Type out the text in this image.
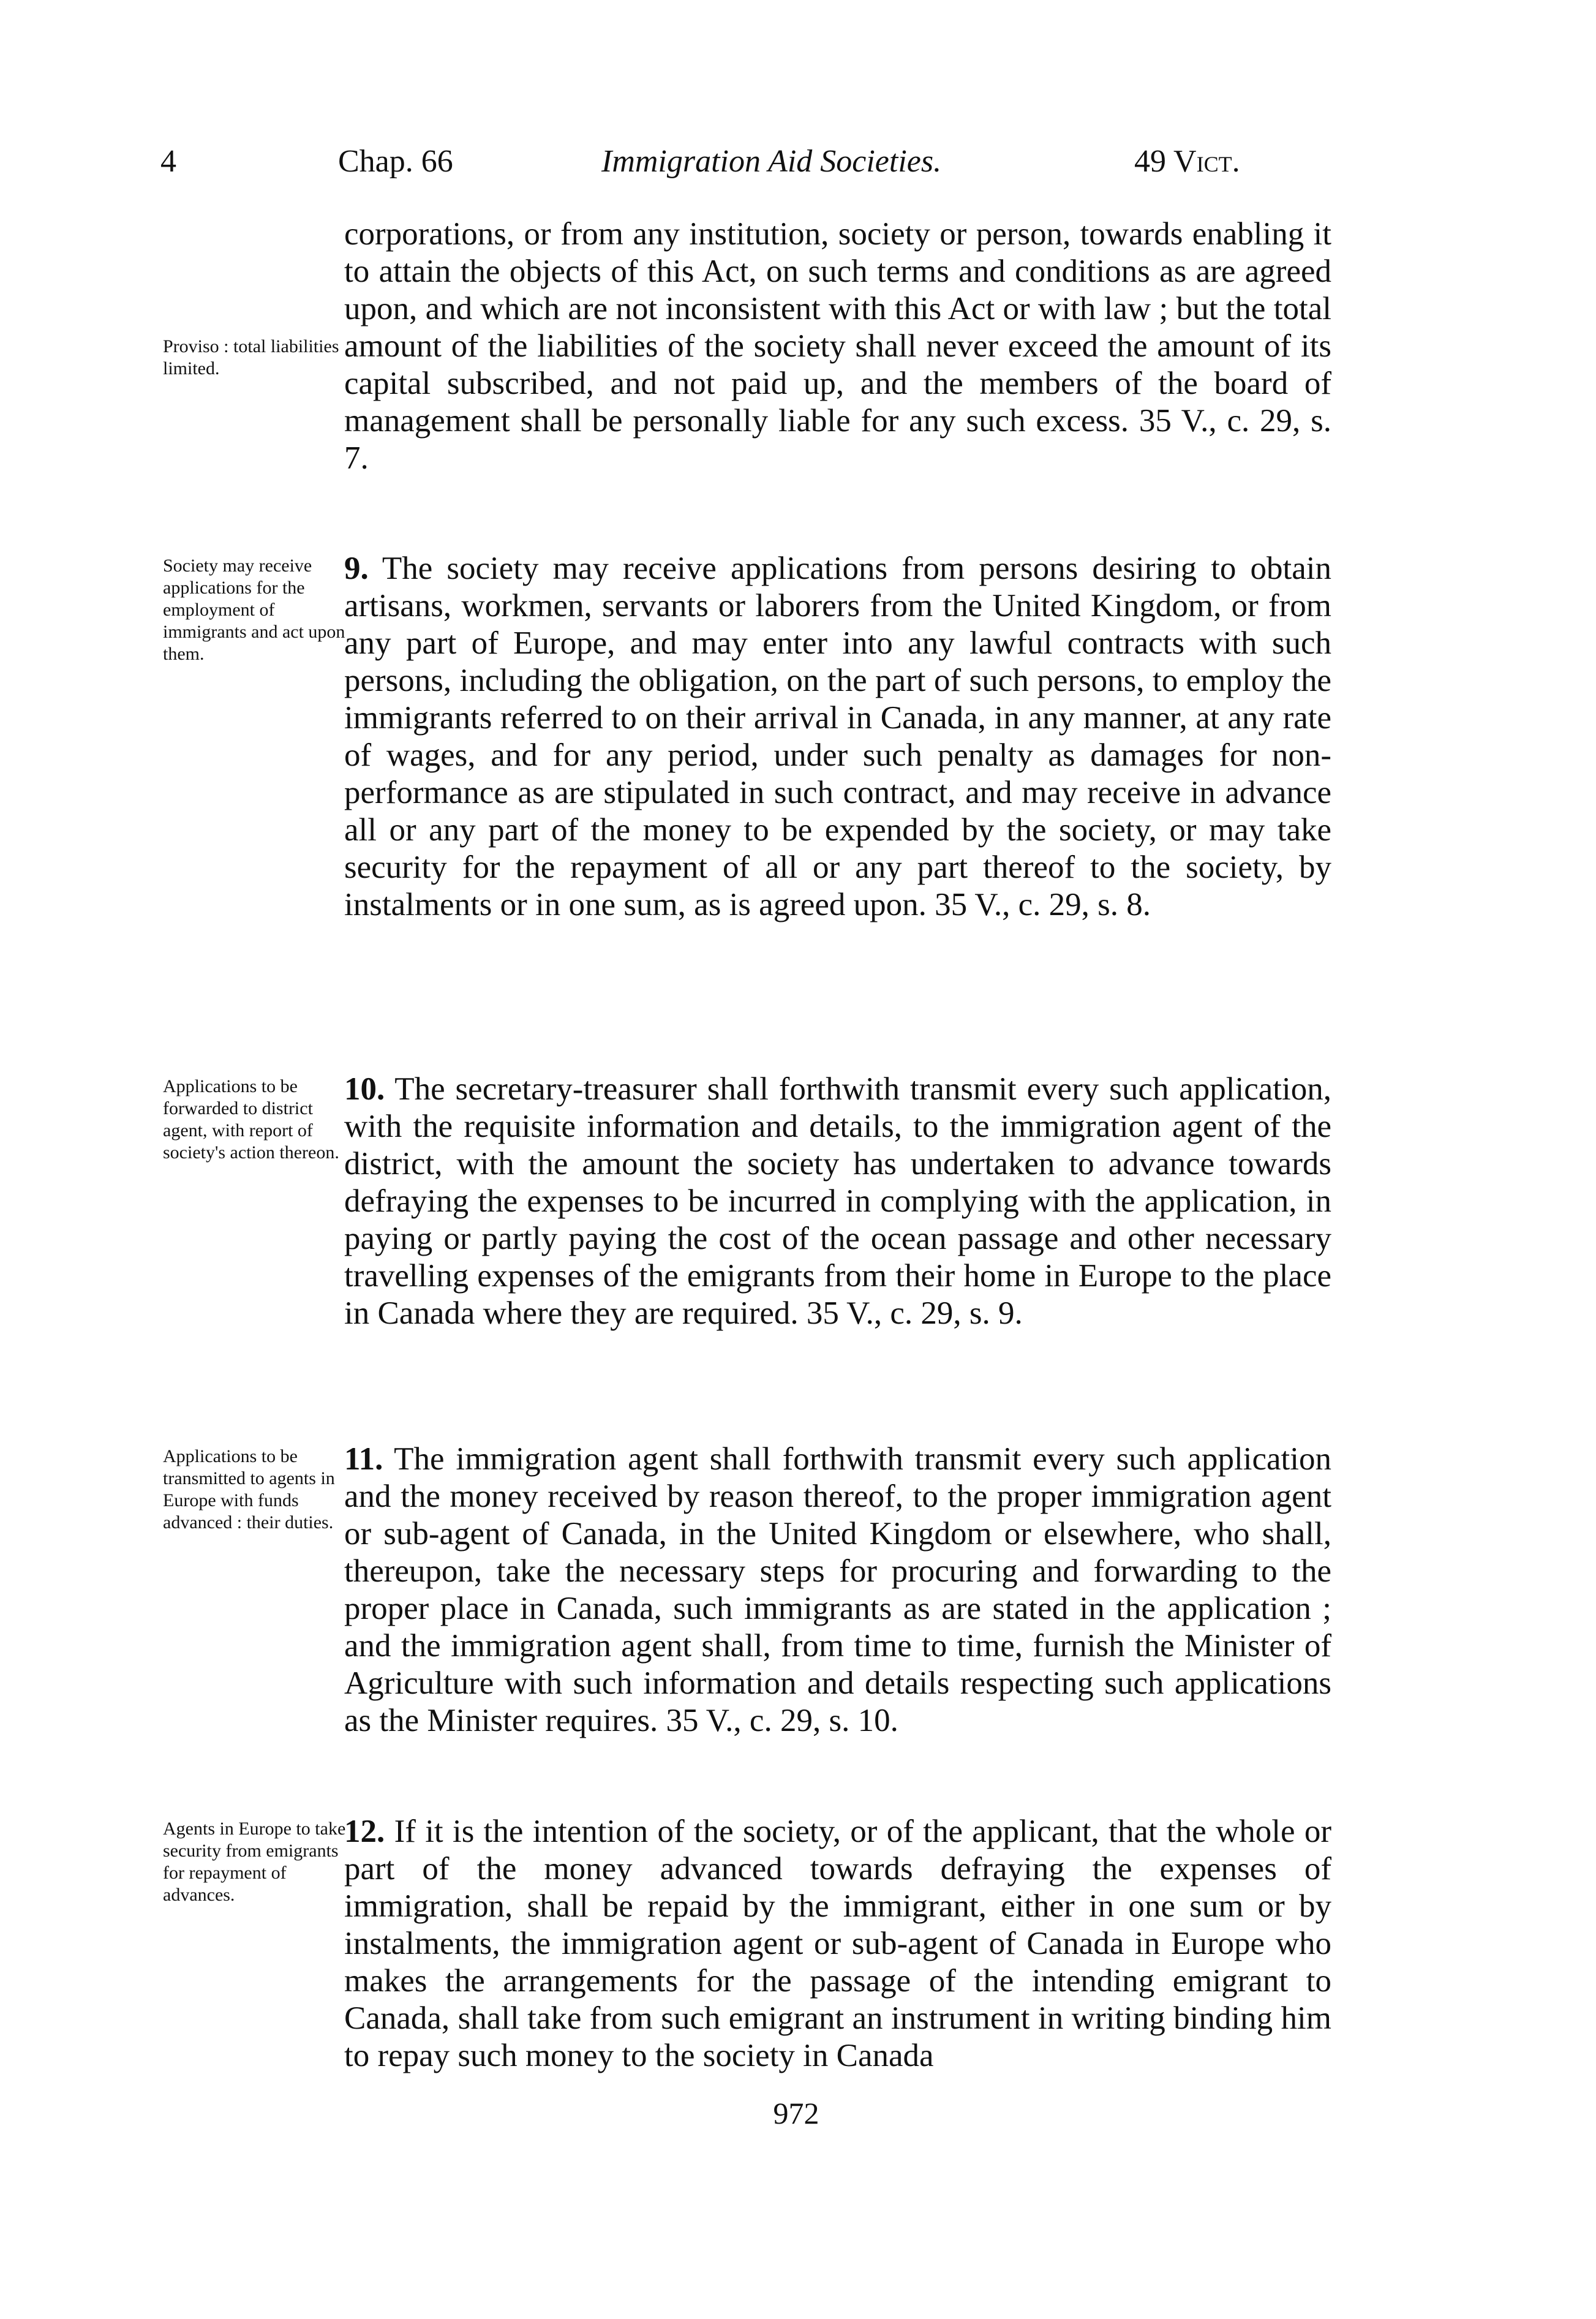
4	Chap. 66	Immigration Aid Societies.	49 Vict.
Proviso : total liabilities limited.

corporations, or from any institution, society or person, towards enabling it to attain the objects of this Act, on such terms and conditions as are agreed upon, and which are not inconsistent with this Act or with law ; but the total amount of the liabilities of the society shall never exceed the amount of its capital subscribed, and not paid up, and the members of the board of management shall be personally liable for any such excess. 35 V., c. 29, s. 7.

Society may receive applications for the employment of immigrants and act upon them.

9. The society may receive applications from persons desiring to obtain artisans, workmen, servants or laborers from the United Kingdom, or from any part of Europe, and may enter into any lawful contracts with such persons, including the obligation, on the part of such persons, to employ the immigrants referred to on their arrival in Canada, in any manner, at any rate of wages, and for any period, under such penalty as damages for non-performance as are stipulated in such contract, and may receive in advance all or any part of the money to be expended by the society, or may take security for the repayment of all or any part thereof to the society, by instalments or in one sum, as is agreed upon. 35 V., c. 29, s. 8.

Applications to be forwarded to district agent, with report of society's action thereon.

10. The secretary-treasurer shall forthwith transmit every such application, with the requisite information and details, to the immigration agent of the district, with the amount the society has undertaken to advance towards defraying the expenses to be incurred in complying with the application, in paying or partly paying the cost of the ocean passage and other necessary travelling expenses of the emigrants from their home in Europe to the place in Canada where they are required. 35 V., c. 29, s. 9.

Applications to be transmitted to agents in Europe with funds advanced : their duties.

11. The immigration agent shall forthwith transmit every such application and the money received by reason thereof, to the proper immigration agent or sub-agent of Canada, in the United Kingdom or elsewhere, who shall, thereupon, take the necessary steps for procuring and forwarding to the proper place in Canada, such immigrants as are stated in the application ; and the immigration agent shall, from time to time, furnish the Minister of Agriculture with such information and details respecting such applications as the Minister requires. 35 V., c. 29, s. 10.

Agents in Europe to take security from emigrants for repayment of advances.

12. If it is the intention of the society, or of the applicant, that the whole or part of the money advanced towards defraying the expenses of immigration, shall be repaid by the immigrant, either in one sum or by instalments, the immigration agent or sub-agent of Canada in Europe who makes the arrangements for the passage of the intending emigrant to Canada, shall take from such emigrant an instrument in writing binding him to repay such money to the society in Canada

972
